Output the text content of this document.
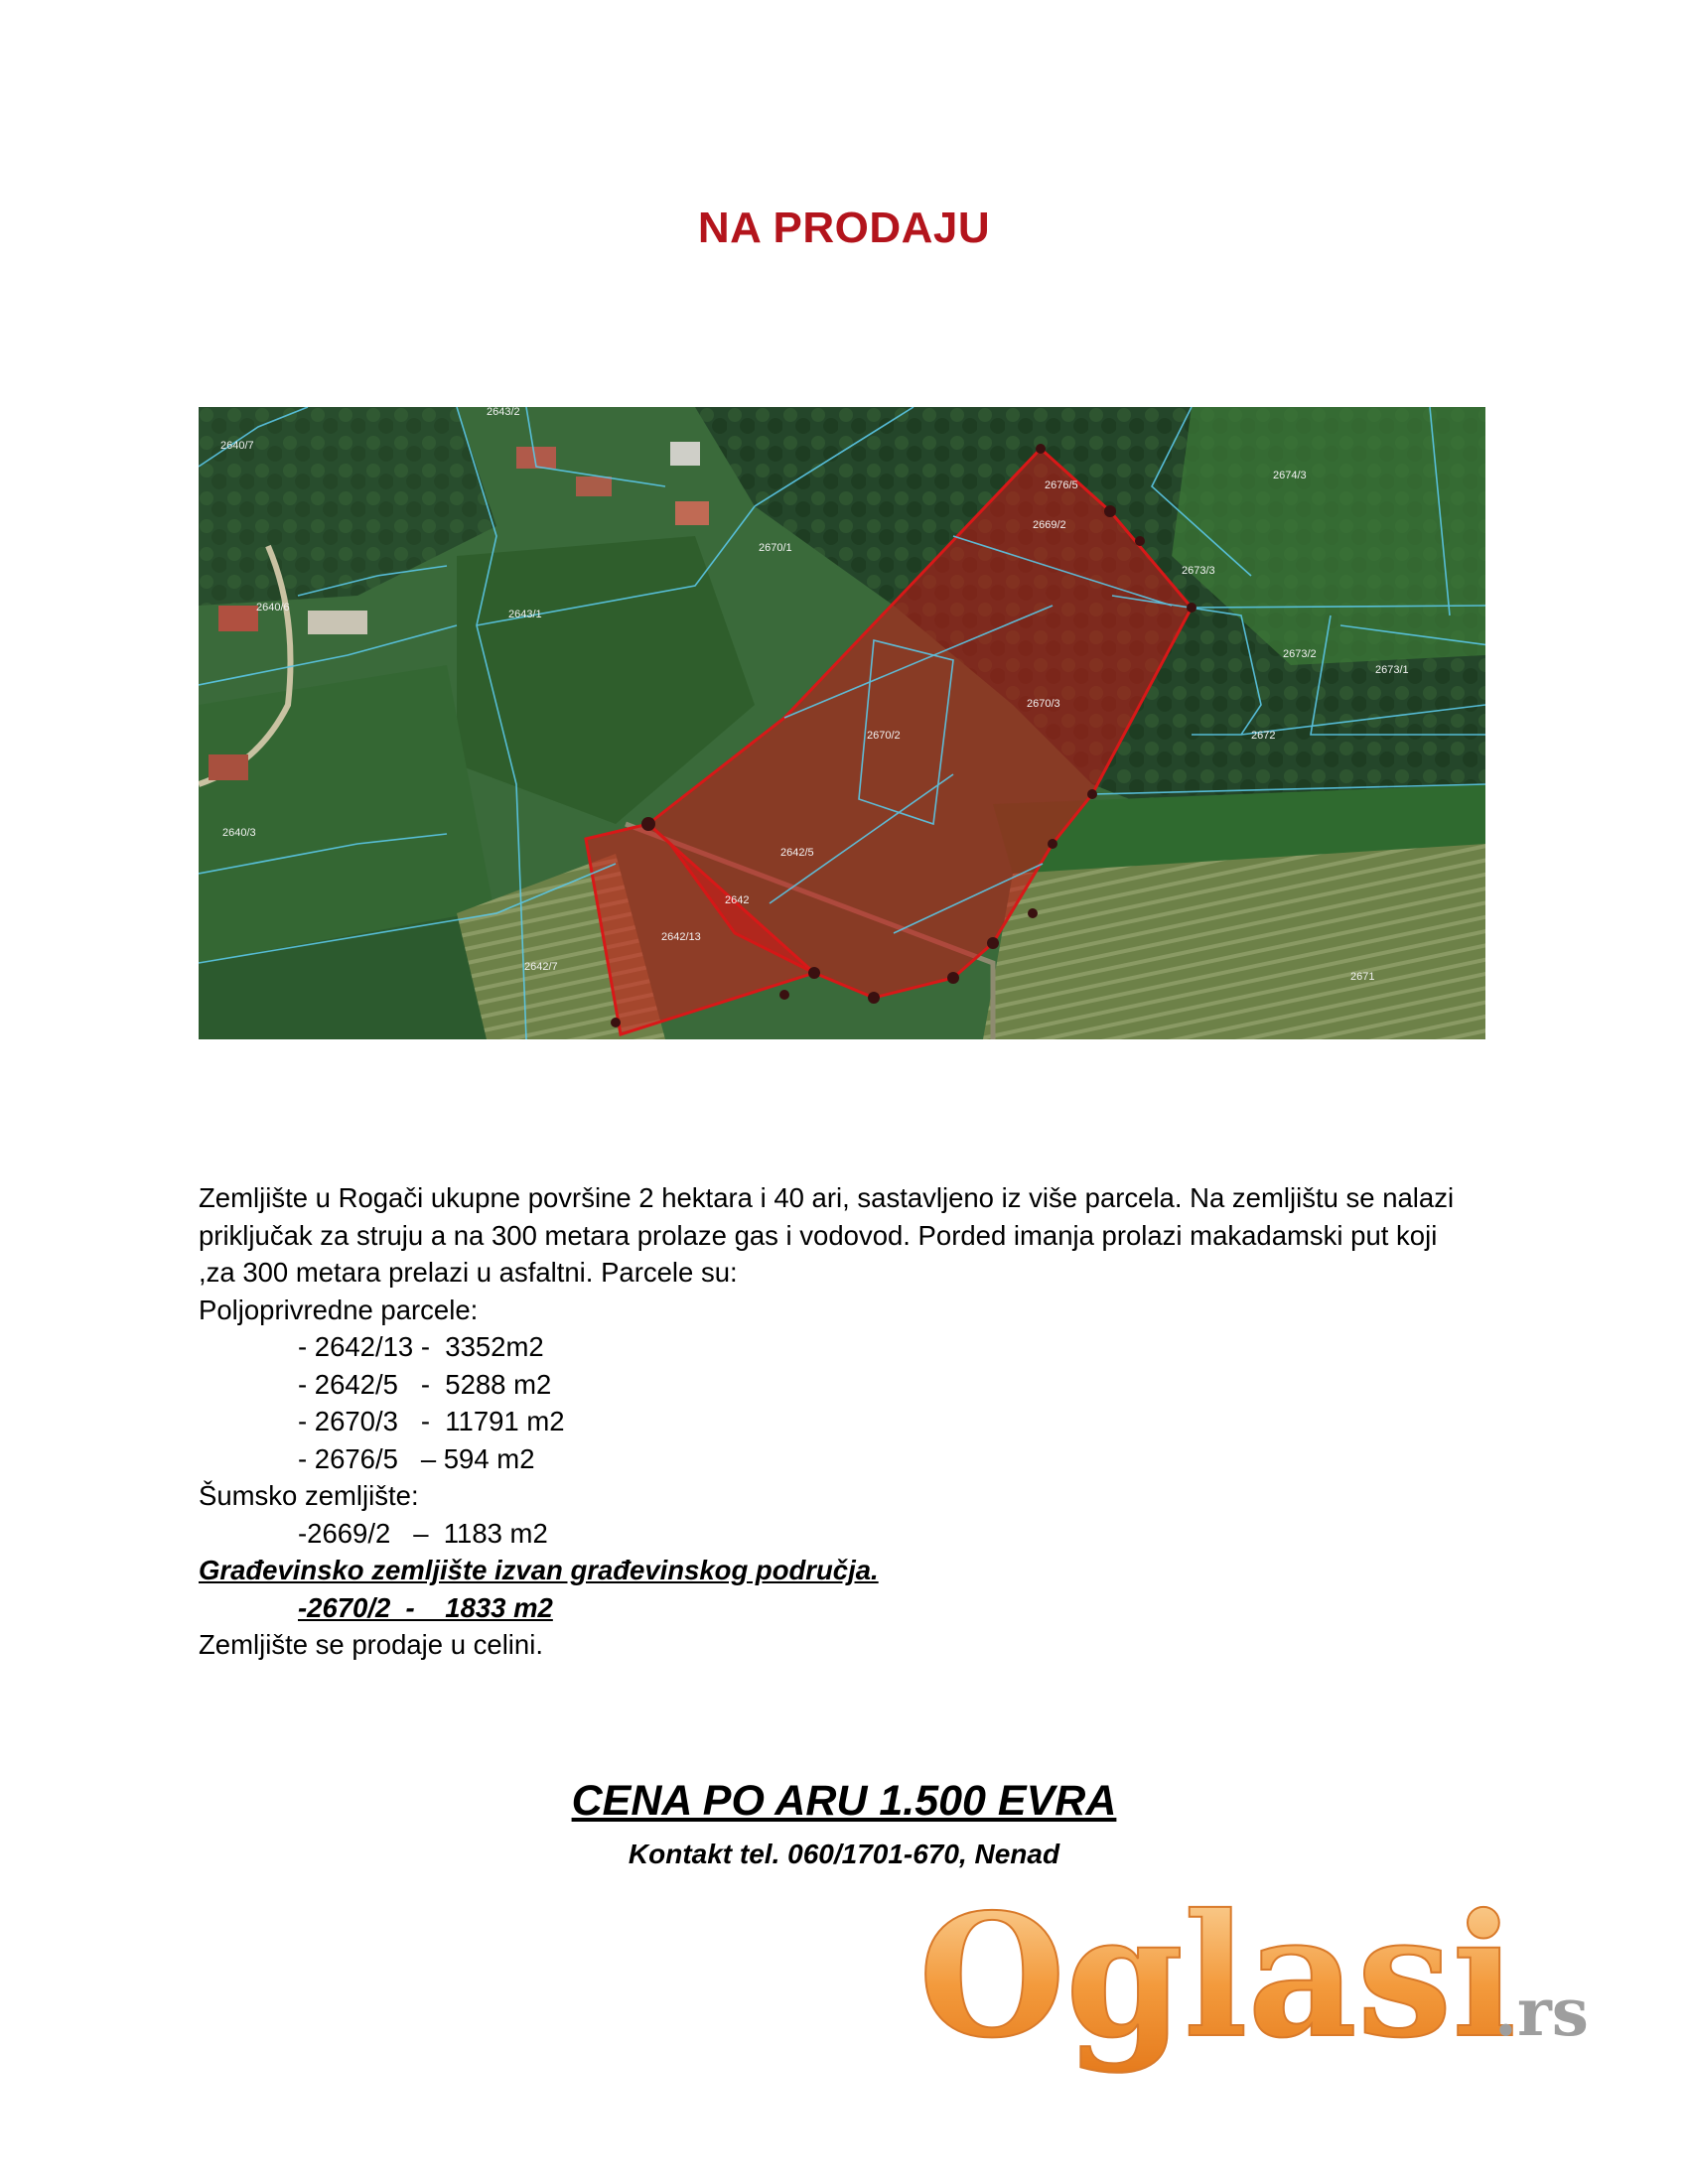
NA PRODAJU
2643/2
2640/7
2640/6
2643/1
2640/3
2670/1
2676/5
2669/2
2673/3
2674/3
2673/2
2673/1
2672
2670/3
2670/2
2642/5
2642/13
2642/7
2671
2642
Zemljište u Rogači ukupne površine 2 hektara i 40 ari, sastavljeno iz više parcela. Na zemljištu se nalazi
priključak za struju a na 300 metara prolaze gas i vodovod. Porded imanja prolazi makadamski put koji
,za 300 metara prelazi u asfaltni. Parcele su:
Poljoprivredne parcele:
- 2642/13 -  3352m2
- 2642/5   -  5288 m2
- 2670/3   -  11791 m2
- 2676/5   – 594 m2
Šumsko zemljište:
-2669/2   –  1183 m2
Građevinsko zemljište izvan građevinskog područja.
-2670/2  -    1833 m2
Zemljište se prodaje u celini.
CENA PO ARU 1.500 EVRA
Kontakt tel. 060/1701-670, Nenad
Oglasi
.rs
